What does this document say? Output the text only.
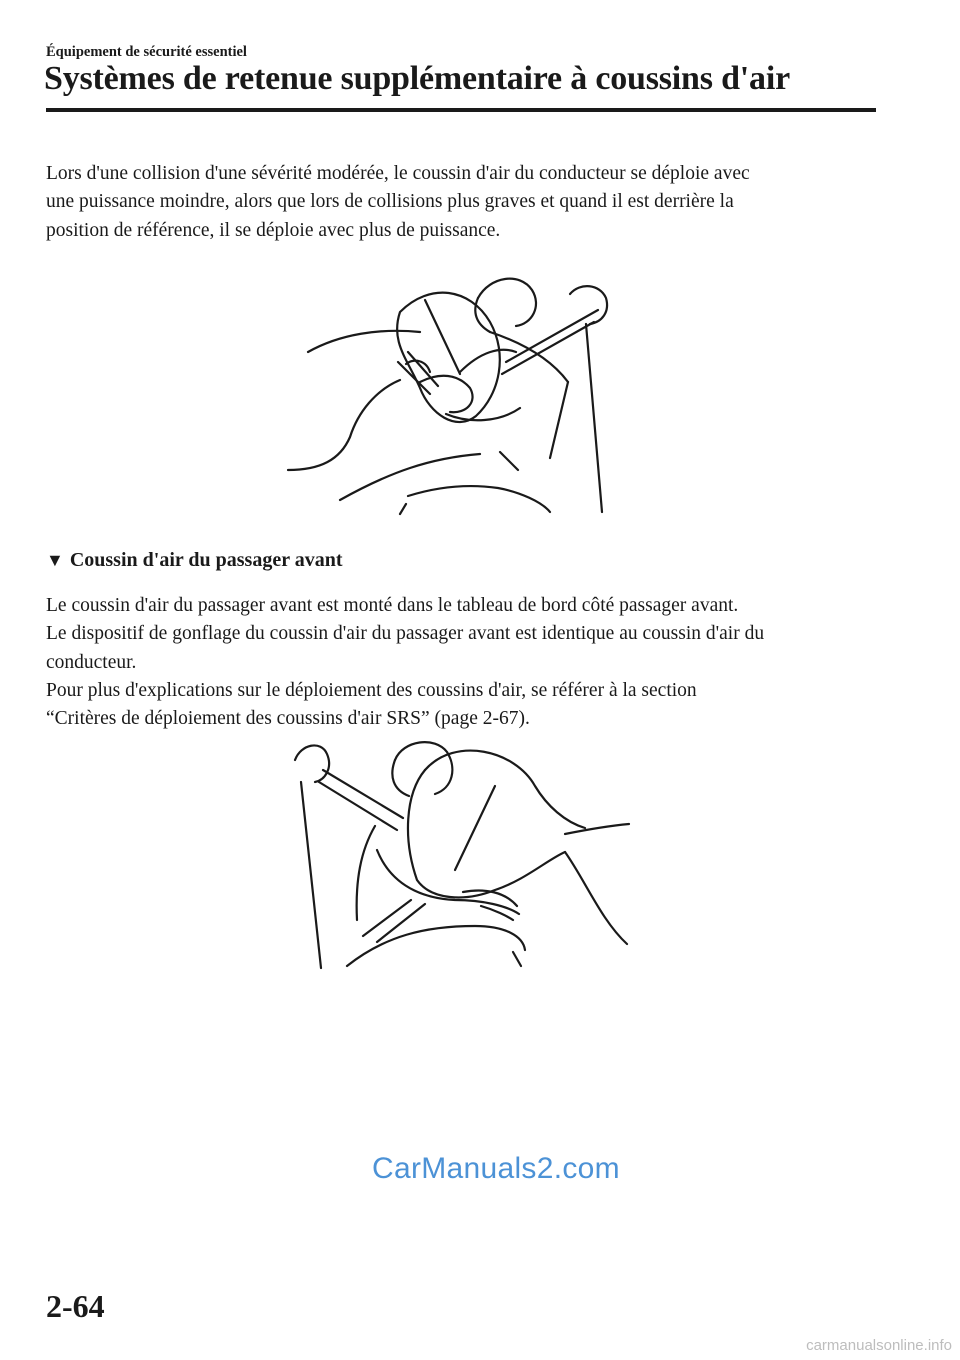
Équipement de sécurité essentiel
Systèmes de retenue supplémentaire à coussins d'air

Lors d'une collision d'une sévérité modérée, le coussin d'air du conducteur se déploie avec
une puissance moindre, alors que lors de collisions plus graves et quand il est derrière la
position de référence, il se déploie avec plus de puissance.

▼ Coussin d'air du passager avant

Le coussin d'air du passager avant est monté dans le tableau de bord côté passager avant.
Le dispositif de gonflage du coussin d'air du passager avant est identique au coussin d'air du
conducteur.
Pour plus d'explications sur le déploiement des coussins d'air, se référer à la section
“Critères de déploiement des coussins d'air SRS” (page 2-67).

CarManuals2.com
2-64
carmanualsonline.info
